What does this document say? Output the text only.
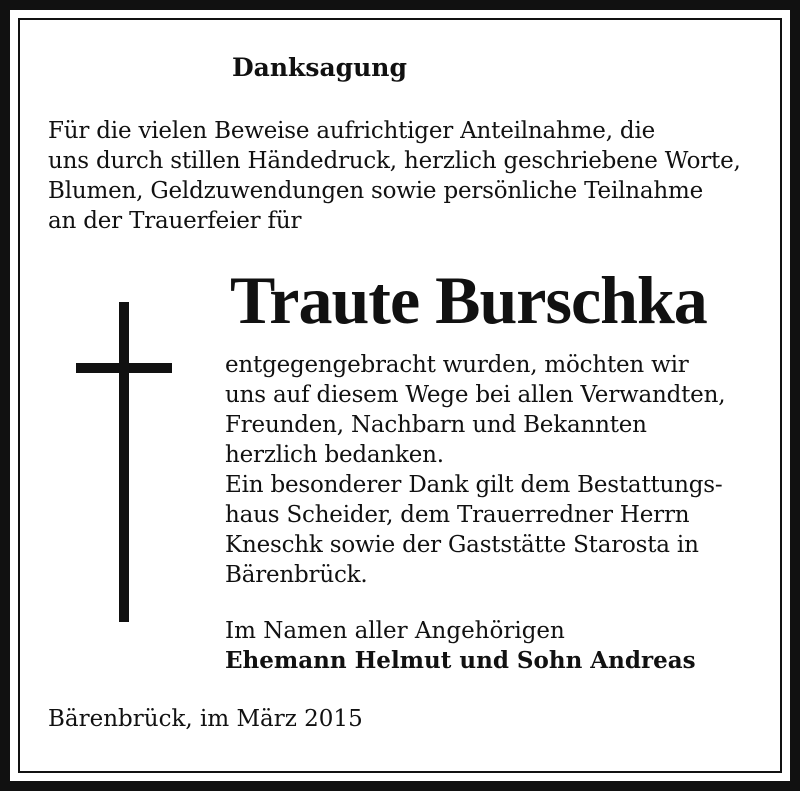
Danksagung
Für die vielen Beweise aufrichtiger Anteilnahme, die
uns durch stillen Händedruck, herzlich geschriebene Worte,
Blumen, Geldzuwendungen sowie persönliche Teilnahme
an der Trauerfeier für
Traute Burschka
entgegengebracht wurden, möchten wir
uns auf diesem Wege bei allen Verwandten,
Freunden, Nachbarn und Bekannten
herzlich bedanken.
Ein besonderer Dank gilt dem Bestattungs-
haus Scheider, dem Trauerredner Herrn
Kneschk sowie der Gaststätte Starosta in
Bärenbrück.
Im Namen aller Angehörigen
Ehemann Helmut und Sohn Andreas
Bärenbrück, im März 2015
